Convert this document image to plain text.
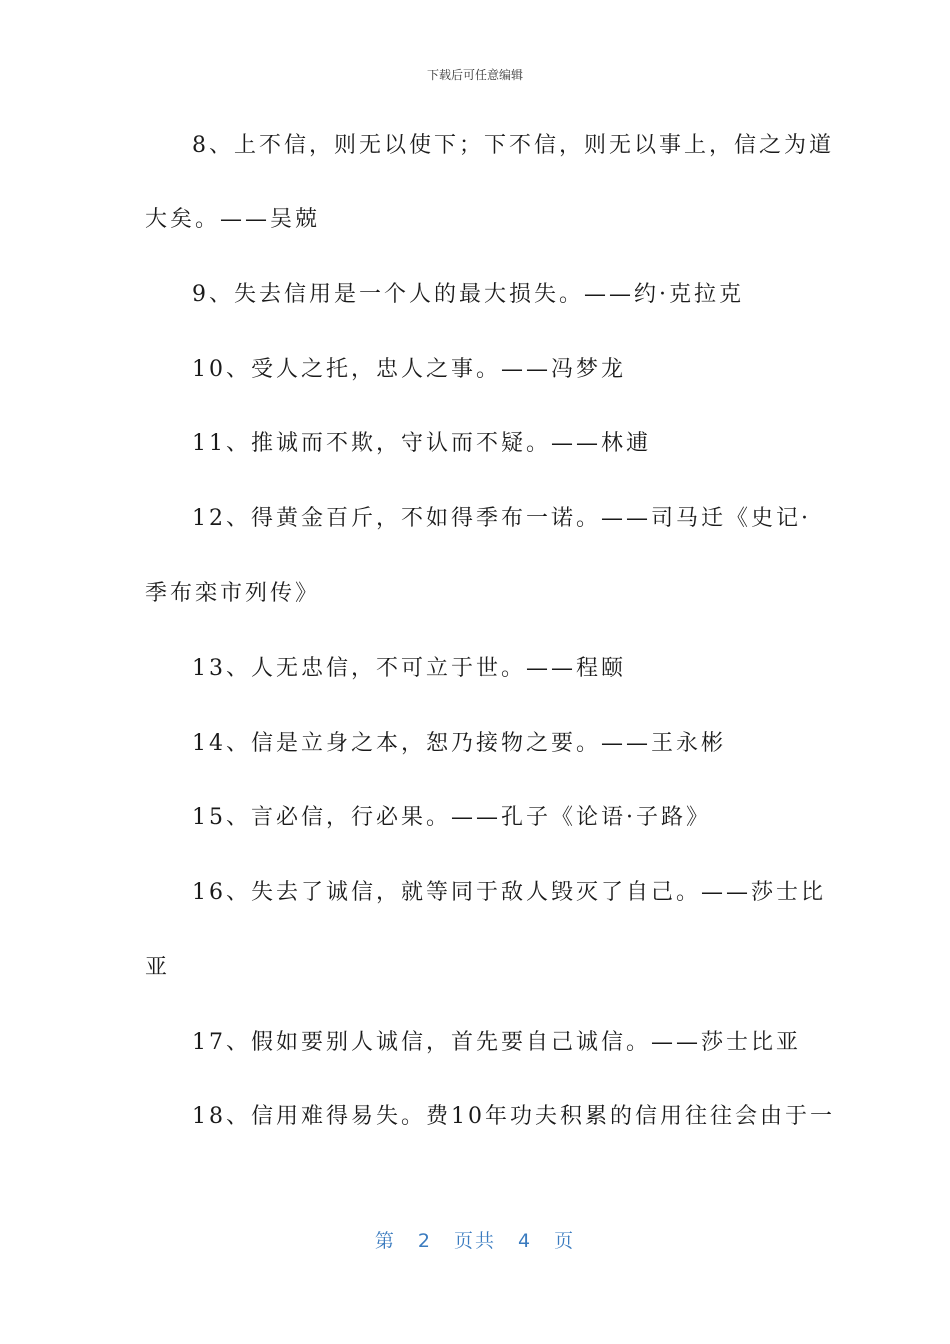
下载后可任意编辑
8、上不信，则无以使下；下不信，则无以事上，信之为道
大矣。——吴兢
9、失去信用是一个人的最大损失。——约·克拉克
10、受人之托，忠人之事。——冯梦龙
11、推诚而不欺，守认而不疑。——林逋
12、得黄金百斤，不如得季布一诺。——司马迁《史记·
季布栾市列传》
13、人无忠信，不可立于世。——程颐
14、信是立身之本，恕乃接物之要。——王永彬
15、言必信，行必果。——孔子《论语·子路》
16、失去了诚信，就等同于敌人毁灭了自己。——莎士比
亚
17、假如要别人诚信，首先要自己诚信。——莎士比亚
18、信用难得易失。费10年功夫积累的信用往往会由于一
第 2 页共 4 页
